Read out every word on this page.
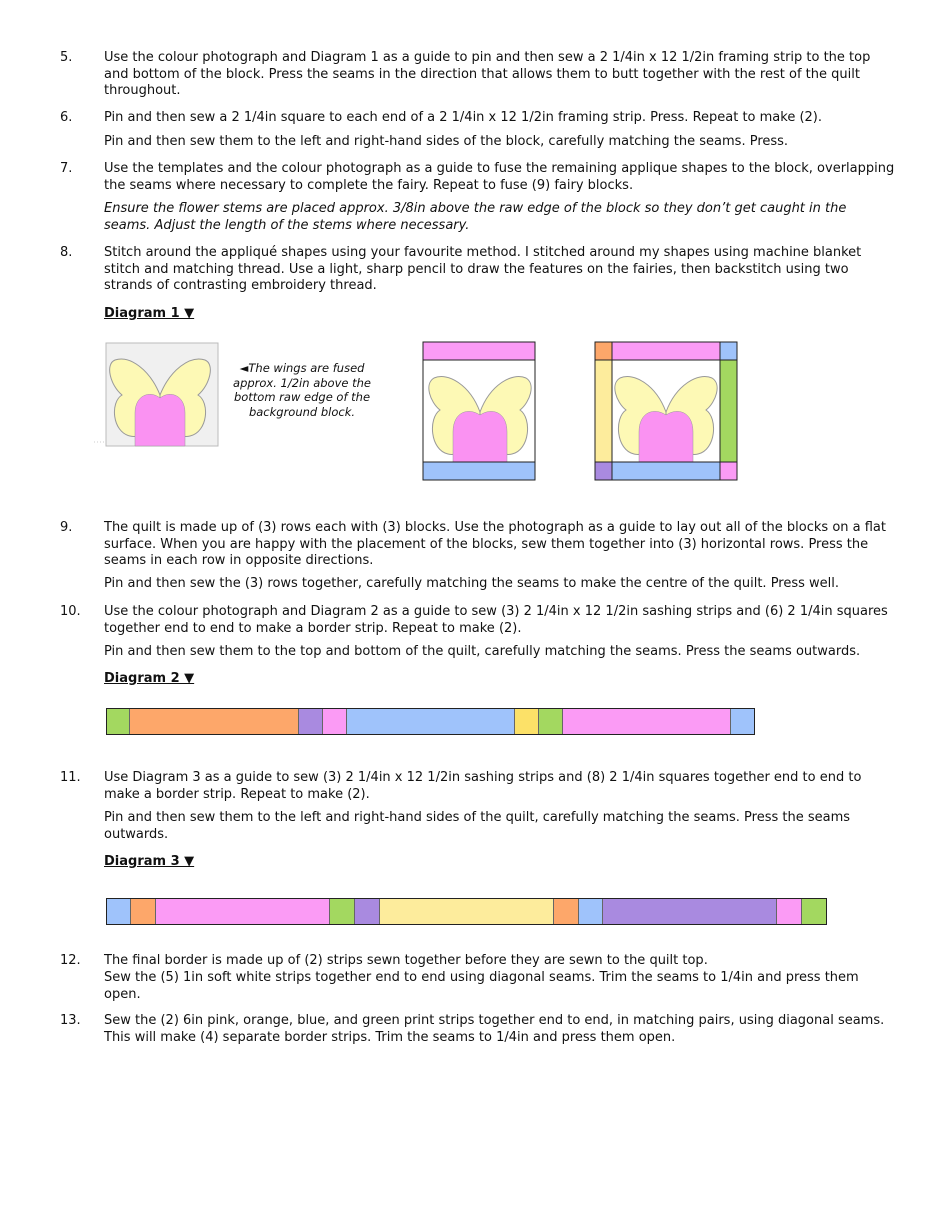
5.	Use the colour photograph and Diagram 1 as a guide to pin and then sew a 2 1/4in x 12 1/2in framing strip to the top and bottom of the block. Press the seams in the direction that allows them to butt together with the rest of the quilt throughout.
6.	Pin and then sew a 2 1/4in square to each end of a 2 1/4in x 12 1/2in framing strip. Press. Repeat to make (2).
Pin and then sew them to the left and right-hand sides of the block, carefully matching the seams. Press.
7.	Use the templates and the colour photograph as a guide to fuse the remaining applique shapes to the block, overlapping the seams where necessary to complete the fairy. Repeat to fuse (9) fairy blocks.
Ensure the flower stems are placed approx. 3/8in above the raw edge of the block so they don’t get caught in the seams. Adjust the length of the stems where necessary.
8.	Stitch around the appliqué shapes using your favourite method. I stitched around my shapes using machine blanket stitch and matching thread. Use a light, sharp pencil to draw the features on the fairies, then backstitch using two strands of contrasting embroidery thread.
Diagram 1 ▼
◄The wings are fused approx. 1/2in above the bottom raw edge of the background block.
9.	The quilt is made up of (3) rows each with (3) blocks. Use the photograph as a guide to lay out all of the blocks on a flat surface. When you are happy with the placement of the blocks, sew them together into (3) horizontal rows. Press the seams in each row in opposite directions.
Pin and then sew the (3) rows together, carefully matching the seams to make the centre of the quilt. Press well.
10.	Use the colour photograph and Diagram 2 as a guide to sew (3) 2 1/4in x 12 1/2in sashing strips and (6) 2 1/4in squares together end to end to make a border strip. Repeat to make (2).
Pin and then sew them to the top and bottom of the quilt, carefully matching the seams. Press the seams outwards.
Diagram 2 ▼
11.	Use Diagram 3 as a guide to sew (3) 2 1/4in x 12 1/2in sashing strips and (8) 2 1/4in squares together end to end to make a border strip. Repeat to make (2).
Pin and then sew them to the left and right-hand sides of the quilt, carefully matching the seams. Press the seams outwards.
Diagram 3 ▼
12.	The final border is made up of (2) strips sewn together before they are sewn to the quilt top.
Sew the (5) 1in soft white strips together end to end using diagonal seams. Trim the seams to 1/4in and press them open.
13.	Sew the (2) 6in pink, orange, blue, and green print strips together end to end, in matching pairs, using diagonal seams. This will make (4) separate border strips. Trim the seams to 1/4in and press them open.
